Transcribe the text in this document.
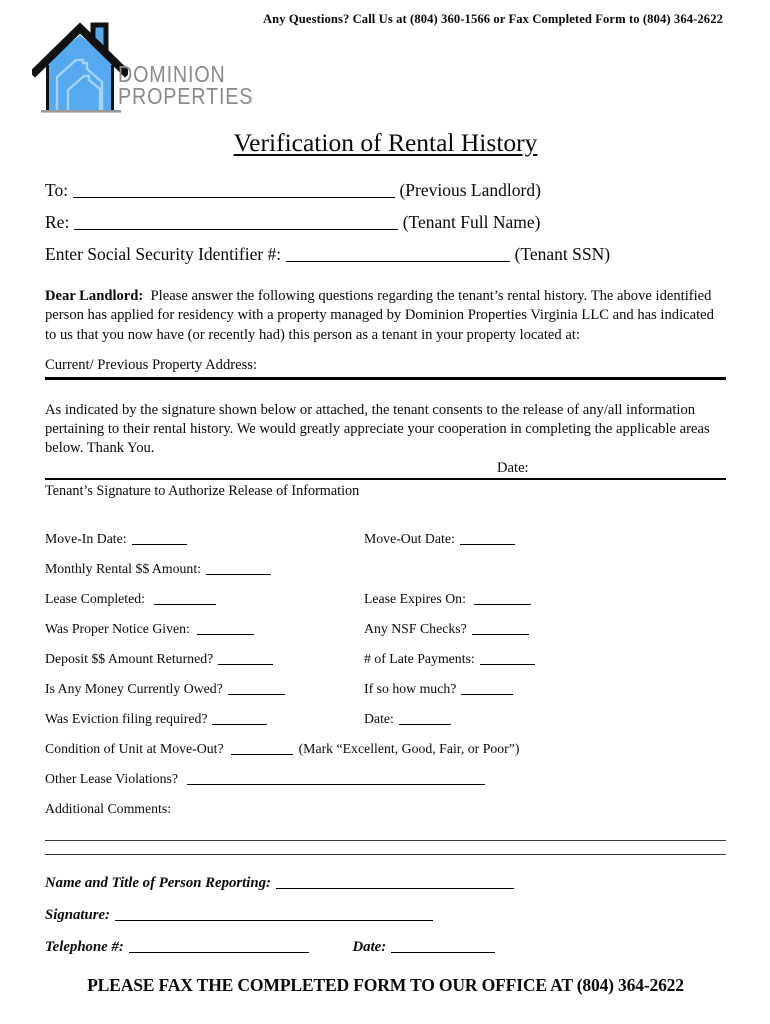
Any Questions? Call Us at (804) 360-1566 or Fax Completed Form to (804) 364-2622
DOMINION
PROPERTIES
Verification of Rental History
To:	(Previous Landlord)
Re:	(Tenant Full Name)
Enter Social Security Identifier #:	(Tenant SSN)

Dear Landlord: Please answer the following questions regarding the tenant’s rental history. The above identified person has applied for residency with a property managed by Dominion Properties Virginia LLC and has indicated to us that you now have (or recently had) this person as a tenant in your property located at:

Current/ Previous Property Address:

As indicated by the signature shown below or attached, the tenant consents to the release of any/all information pertaining to their rental history. We would greatly appreciate your cooperation in completing the applicable areas below. Thank You.

Date:
Tenant’s Signature to Authorize Release of Information
Move-In Date:	Move-Out Date:
Monthly Rental $$ Amount:
Lease Completed:	Lease Expires On:
Was Proper Notice Given:	Any NSF Checks?
Deposit $$ Amount Returned?	# of Late Payments:
Is Any Money Currently Owed?	If so how much?
Was Eviction filing required?	Date:
Condition of Unit at Move-Out?	(Mark “Excellent, Good, Fair, or Poor”)
Other Lease Violations?
Additional Comments:
Name and Title of Person Reporting:
Signature:
Telephone #:	Date:
PLEASE FAX THE COMPLETED FORM TO OUR OFFICE AT (804) 364-2622
